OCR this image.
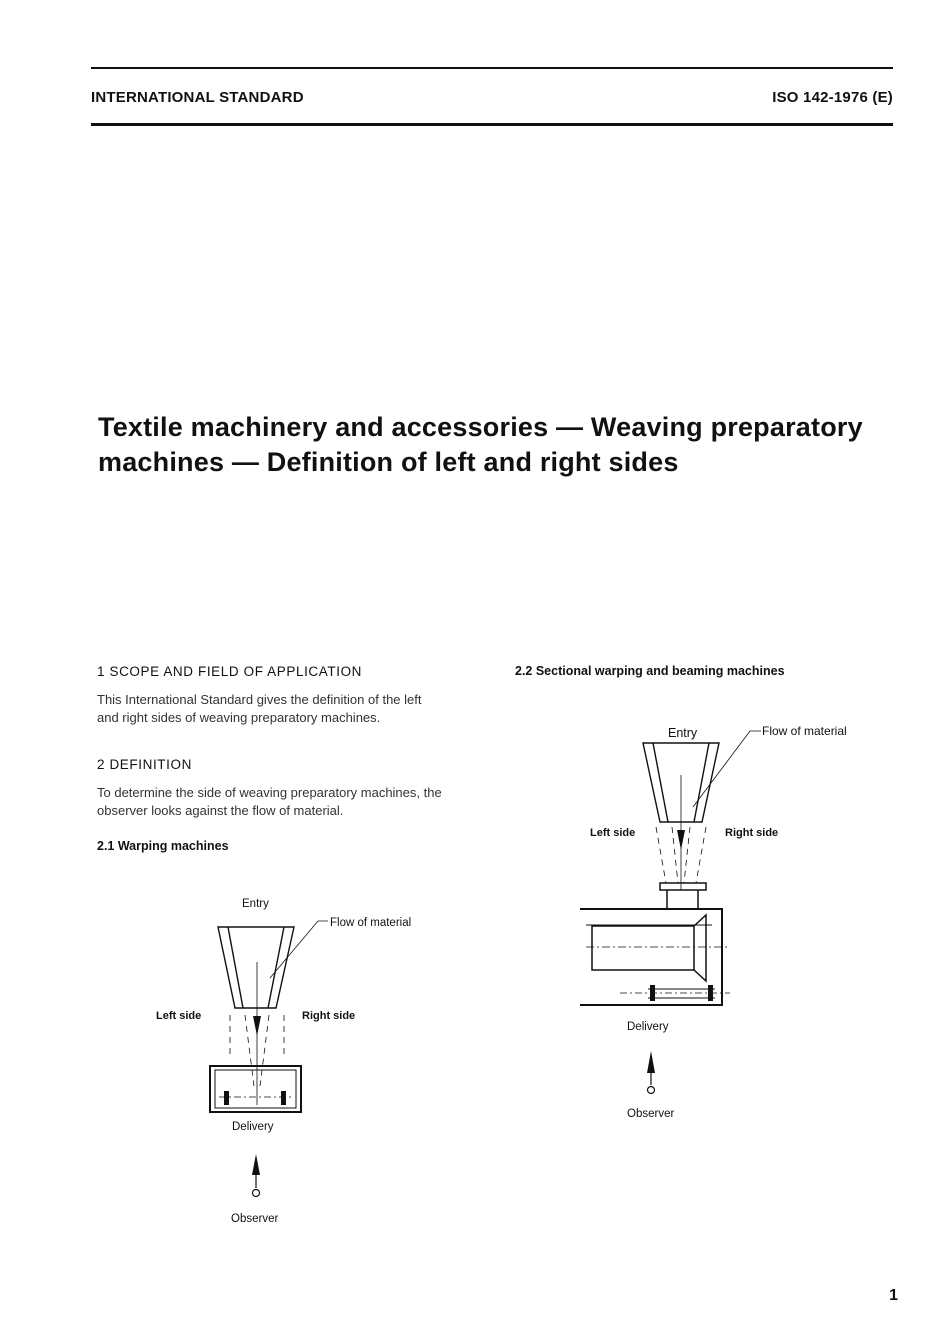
INTERNATIONAL STANDARD	ISO 142-1976 (E)
Textile machinery and accessories — Weaving preparatory
machines — Definition of left and right sides
1 SCOPE AND FIELD OF APPLICATION
This International Standard gives the definition of the left
and right sides of weaving preparatory machines.
2 DEFINITION
To determine the side of weaving preparatory machines, the
observer looks against the flow of material.
2.1 Warping machines
2.2 Sectional warping and beaming machines
Entry
Flow of material
Left side	Right side
Delivery
Observer
Entry	Flow of material
Left side	Right side
Delivery
Observer
1
